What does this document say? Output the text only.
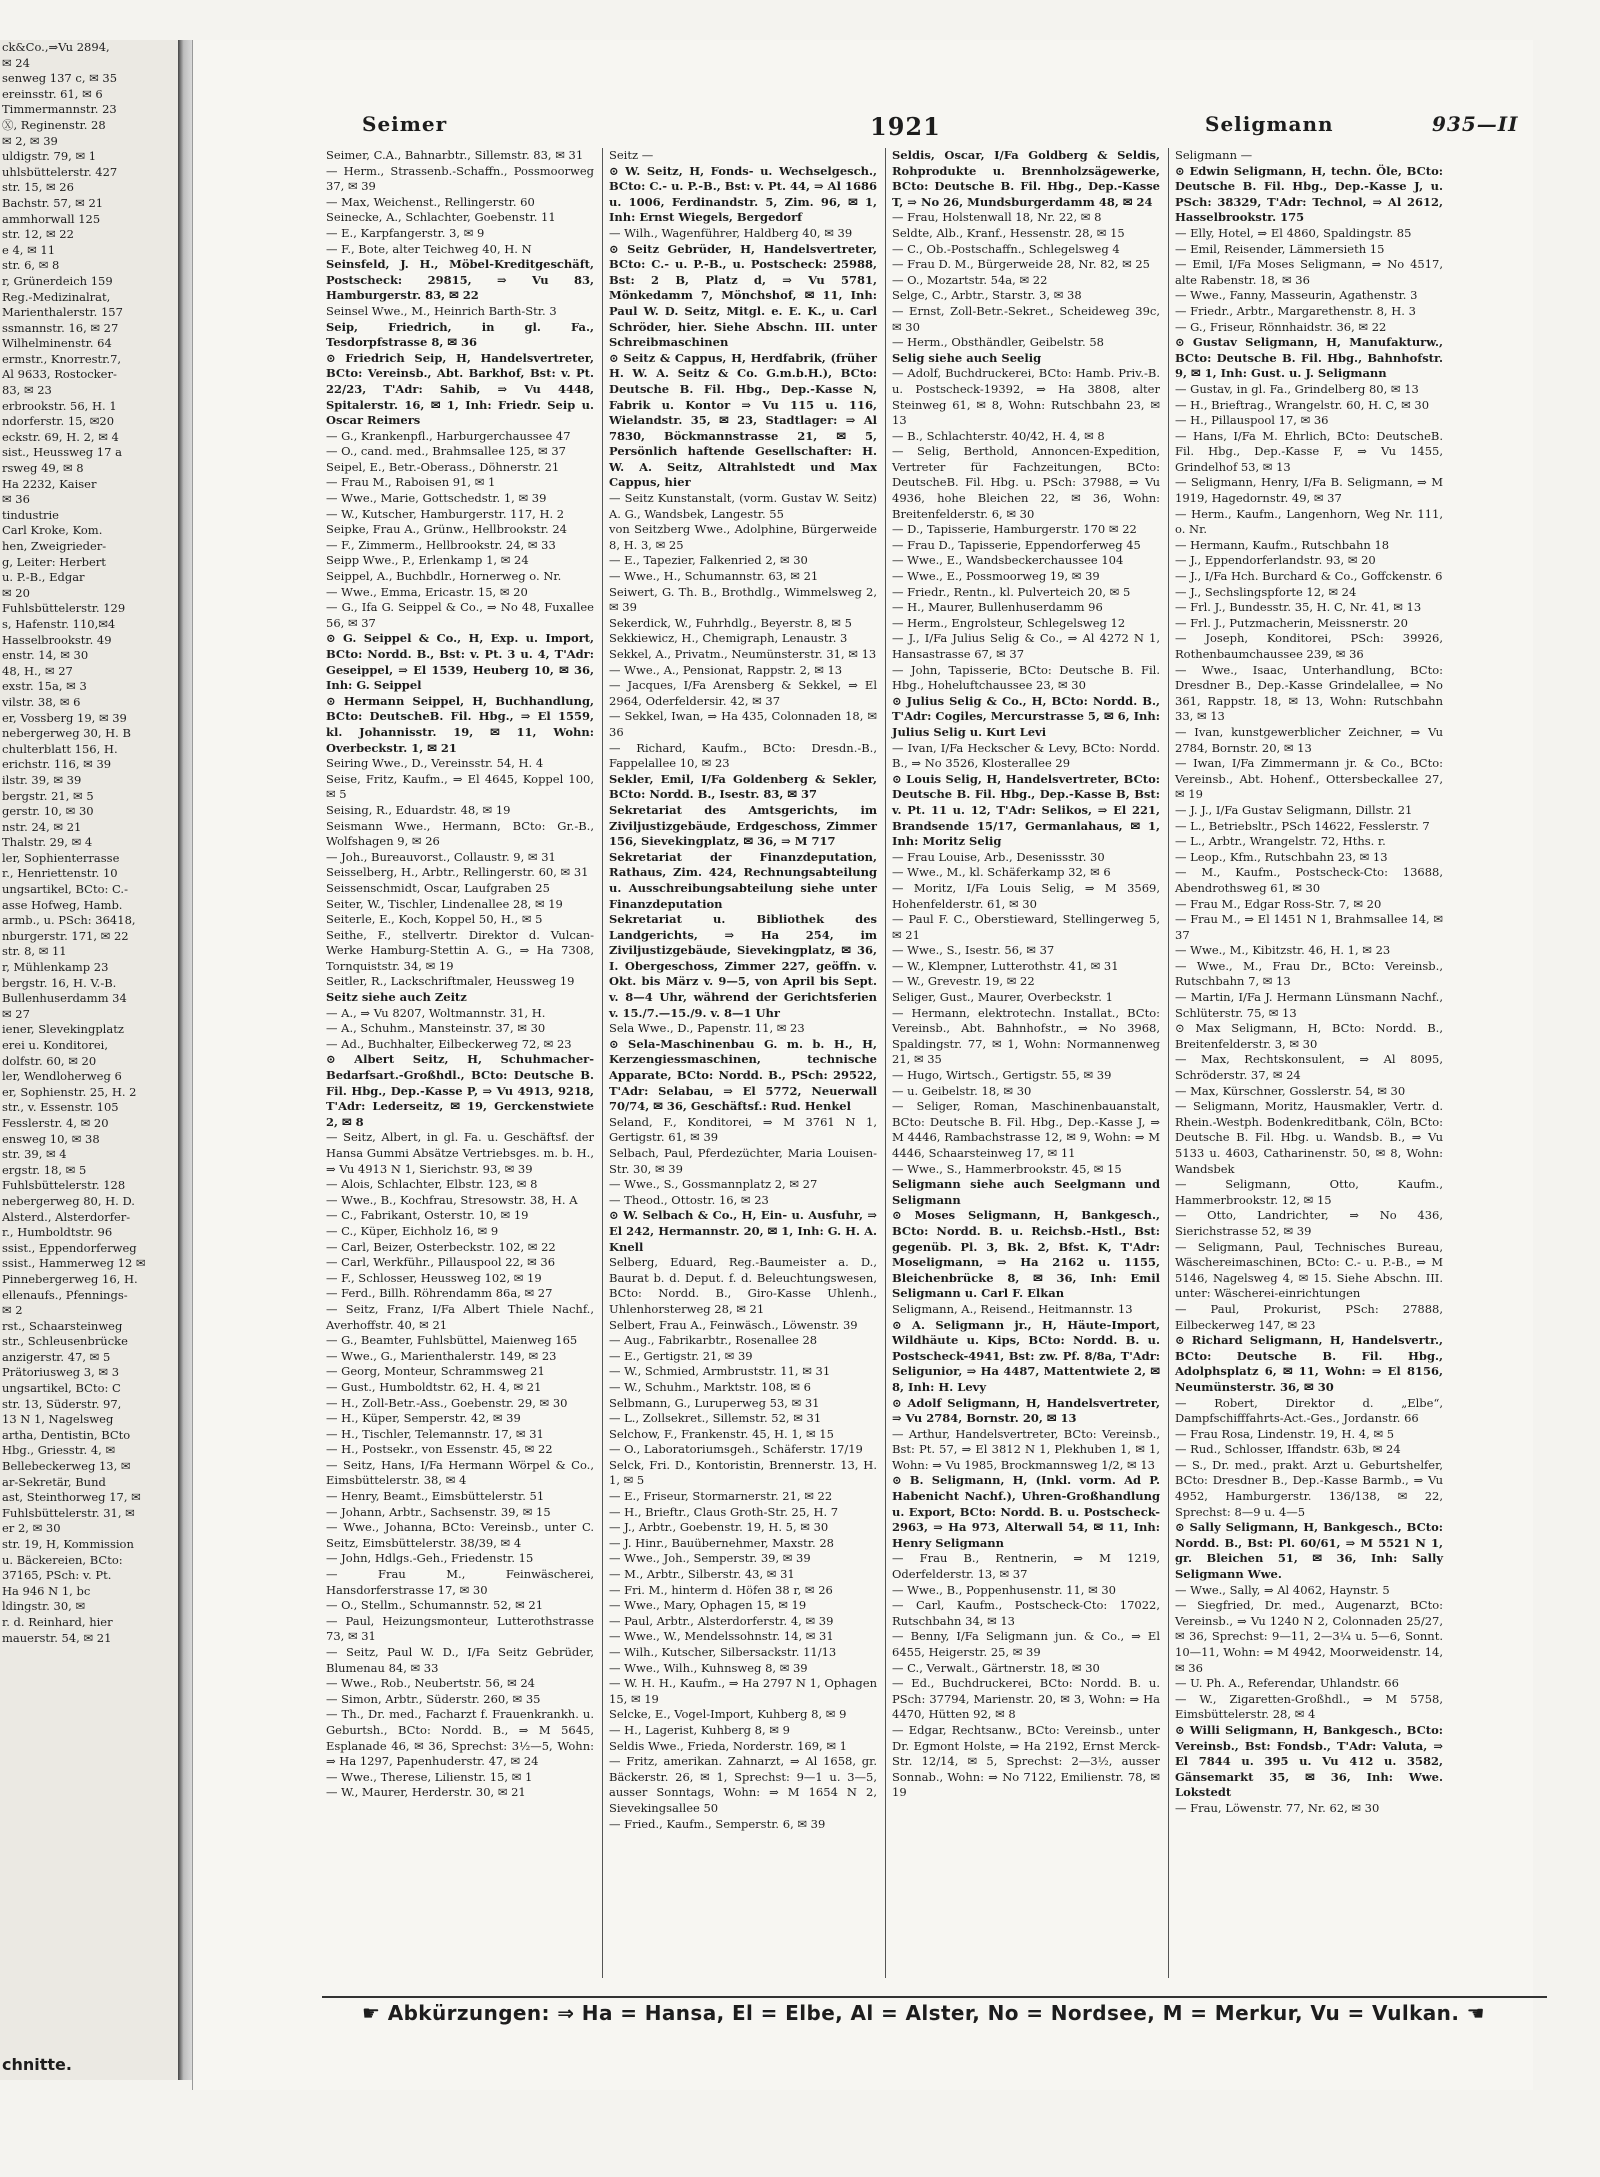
ck&Co.,⇒Vu 2894,
✉ 24
senweg 137 c, ✉ 35
ereinsstr. 61, ✉ 6
Timmermannstr. 23
Ⓧ, Reginenstr. 28
✉ 2, ✉ 39
uldigstr. 79, ✉ 1
uhlsbüttelerstr. 427
str. 15, ✉ 26
Bachstr. 57, ✉ 21
ammhorwall 125
str. 12, ✉ 22
e 4, ✉ 11
str. 6, ✉ 8
r, Grünerdeich 159
Reg.-Medizinalrat,
Marienthalerstr. 157
ssmannstr. 16, ✉ 27
Wilhelminenstr. 64
ermstr., Knorrestr.7,
Al 9633, Rostocker-
83, ✉ 23
erbrookstr. 56, H. 1
ndorferstr. 15, ✉20
eckstr. 69, H. 2, ✉ 4
sist., Heussweg 17 a
rsweg 49, ✉ 8
Ha 2232, Kaiser
✉ 36
tindustrie
Carl Kroke, Kom.
hen, Zweigrieder-
g, Leiter: Herbert
u. P.-B., Edgar
✉ 20
Fuhlsbüttelerstr. 129
s, Hafenstr. 110,✉4
Hasselbrookstr. 49
enstr. 14, ✉ 30
48, H., ✉ 27
exstr. 15a, ✉ 3
vilstr. 38, ✉ 6
er, Vossberg 19, ✉ 39
nebergerweg 30, H. B
chulterblatt 156, H.
erichstr. 116, ✉ 39
ilstr. 39, ✉ 39
bergstr. 21, ✉ 5
gerstr. 10, ✉ 30
nstr. 24, ✉ 21
Thalstr. 29, ✉ 4
ler, Sophienterrasse
r., Henriettenstr. 10
ungsartikel, BCto: C.-
asse Hofweg, Hamb.
armb., u. PSch: 36418,
nburgerstr. 171, ✉ 22
str. 8, ✉ 11
r, Mühlenkamp 23
bergstr. 16, H. V.-B.
Bullenhuserdamm 34
✉ 27
iener, Slevekingplatz
erei u. Konditorei,
dolfstr. 60, ✉ 20
ler, Wendloherweg 6
er, Sophienstr. 25, H. 2
str., v. Essenstr. 105
Fesslerstr. 4, ✉ 20
ensweg 10, ✉ 38
str. 39, ✉ 4
ergstr. 18, ✉ 5
Fuhlsbüttelerstr. 128
nebergerweg 80, H. D.
Alsterd., Alsterdorfer-
r., Humboldtstr. 96
ssist., Eppendorferweg
ssist., Hammerweg 12 ✉
Pinnebergerweg 16, H.
ellenaufs., Pfennings-
✉ 2
rst., Schaarsteinweg
str., Schleusenbrücke
anzigerstr. 47, ✉ 5
Prätoriusweg 3, ✉ 3
ungsartikel, BCto: C
str. 13, Süderstr. 97,
13 N 1, Nagelsweg
artha, Dentistin, BCto
Hbg., Griesstr. 4, ✉
Bellebeckerweg 13, ✉
ar-Sekretär, Bund
ast, Steinthorweg 17, ✉
Fuhlsbüttelerstr. 31, ✉
er 2, ✉ 30
str. 19, H, Kommission
u. Bäckereien, BCto:
37165, PSch: v. Pt.
Ha 946 N 1, bc
ldingstr. 30, ✉
r. d. Reinhard, hier
mauerstr. 54, ✉ 21
chnitte.
Seimer	1921	Seligmann	935—II

Seimer, C.A., Bahnarbtr., Sillemstr. 83, ✉ 31

— Herm., Strassenb.-Schaffn., Possmoorweg 37, ✉ 39

— Max, Weichenst., Rellingerstr. 60

Seinecke, A., Schlachter, Goebenstr. 11

— E., Karpfangerstr. 3, ✉ 9

— F., Bote, alter Teichweg 40, H. N

Seinsfeld, J. H., Möbel-Kreditgeschäft, Postscheck: 29815, ⇒ Vu 83, Hamburgerstr. 83, ✉ 22

Seinsel Wwe., M., Heinrich Barth-Str. 3

Seip, Friedrich, in gl. Fa., Tesdorpfstrasse 8, ✉ 36

⊙ Friedrich Seip, H, Handelsvertreter, BCto: Vereinsb., Abt. Barkhof, Bst: v. Pt. 22/23, T'Adr: Sahib, ⇒ Vu 4448, Spitalerstr. 16, ✉ 1, Inh: Friedr. Seip u. Oscar Reimers

— G., Krankenpfl., Harburgerchaussee 47

— O., cand. med., Brahmsallee 125, ✉ 37

Seipel, E., Betr.-Oberass., Döhnerstr. 21

— Frau M., Raboisen 91, ✉ 1

— Wwe., Marie, Gottschedstr. 1, ✉ 39

— W., Kutscher, Hamburgerstr. 117, H. 2

Seipke, Frau A., Grünw., Hellbrookstr. 24

— F., Zimmerm., Hellbrookstr. 24, ✉ 33

Seipp Wwe., P., Erlenkamp 1, ✉ 24

Seippel, A., Buchbdlr., Hornerweg o. Nr.

— Wwe., Emma, Ericastr. 15, ✉ 20

— G., Ifa G. Seippel & Co., ⇒ No 48, Fuxallee 56, ✉ 37

⊙ G. Seippel & Co., H, Exp. u. Import, BCto: Nordd. B., Bst: v. Pt. 3 u. 4, T'Adr: Geseippel, ⇒ El 1539, Heuberg 10, ✉ 36, Inh: G. Seippel

⊙ Hermann Seippel, H, Buchhandlung, BCto: DeutscheB. Fil. Hbg., ⇒ El 1559, kl. Johannisstr. 19, ✉ 11, Wohn: Overbeckstr. 1, ✉ 21

Seiring Wwe., D., Vereinsstr. 54, H. 4

Seise, Fritz, Kaufm., ⇒ El 4645, Koppel 100, ✉ 5

Seising, R., Eduardstr. 48, ✉ 19

Seismann Wwe., Hermann, BCto: Gr.-B., Wolfshagen 9, ✉ 26

— Joh., Bureauvorst., Collaustr. 9, ✉ 31

Seisselberg, H., Arbtr., Rellingerstr. 60, ✉ 31

Seissenschmidt, Oscar, Laufgraben 25

Seiter, W., Tischler, Lindenallee 28, ✉ 19

Seiterle, E., Koch, Koppel 50, H., ✉ 5

Seithe, F., stellvertr. Direktor d. Vulcan-Werke Hamburg-Stettin A. G., ⇒ Ha 7308, Tornquiststr. 34, ✉ 19

Seitler, R., Lackschriftmaler, Heussweg 19

Seitz siehe auch Zeitz

— A., ⇒ Vu 8207, Woltmannstr. 31, H.

— A., Schuhm., Mansteinstr. 37, ✉ 30

— Ad., Buchhalter, Eilbeckerweg 72, ✉ 23

⊙ Albert Seitz, H, Schuhmacher-Bedarfsart.-Großhdl., BCto: Deutsche B. Fil. Hbg., Dep.-Kasse P, ⇒ Vu 4913, 9218, T'Adr: Lederseitz, ✉ 19, Gerckenstwiete 2, ✉ 8

— Seitz, Albert, in gl. Fa. u. Geschäftsf. der Hansa Gummi Absätze Vertriebsges. m. b. H., ⇒ Vu 4913 N 1, Sierichstr. 93, ✉ 39

— Alois, Schlachter, Elbstr. 123, ✉ 8

— Wwe., B., Kochfrau, Stresowstr. 38, H. A

— C., Fabrikant, Osterstr. 10, ✉ 19

— C., Küper, Eichholz 16, ✉ 9

— Carl, Beizer, Osterbeckstr. 102, ✉ 22

— Carl, Werkführ., Pillauspool 22, ✉ 36

— F., Schlosser, Heussweg 102, ✉ 19

— Ferd., Billh. Röhrendamm 86a, ✉ 27

— Seitz, Franz, I/Fa Albert Thiele Nachf., Averhoffstr. 40, ✉ 21

— G., Beamter, Fuhlsbüttel, Maienweg 165

— Wwe., G., Marienthalerstr. 149, ✉ 23

— Georg, Monteur, Schrammsweg 21

— Gust., Humboldtstr. 62, H. 4, ✉ 21

— H., Zoll-Betr.-Ass., Goebenstr. 29, ✉ 30

— H., Küper, Semperstr. 42, ✉ 39

— H., Tischler, Telemannstr. 17, ✉ 31

— H., Postsekr., von Essenstr. 45, ✉ 22

— Seitz, Hans, I/Fa Hermann Wörpel & Co., Eimsbüttelerstr. 38, ✉ 4

— Henry, Beamt., Eimsbüttelerstr. 51

— Johann, Arbtr., Sachsenstr. 39, ✉ 15

— Wwe., Johanna, BCto: Vereinsb., unter C. Seitz, Eimsbüttelerstr. 38/39, ✉ 4

— John, Hdlgs.-Geh., Friedenstr. 15

— Frau M., Feinwäscherei, Hansdorferstrasse 17, ✉ 30

— O., Stellm., Schumannstr. 52, ✉ 21

— Paul, Heizungsmonteur, Lutterothstrasse 73, ✉ 31

— Seitz, Paul W. D., I/Fa Seitz Gebrüder, Blumenau 84, ✉ 33

— Wwe., Rob., Neubertstr. 56, ✉ 24

— Simon, Arbtr., Süderstr. 260, ✉ 35

— Th., Dr. med., Facharzt f. Frauenkrankh. u. Geburtsh., BCto: Nordd. B., ⇒ M 5645, Esplanade 46, ✉ 36, Sprechst: 3½—5, Wohn: ⇒ Ha 1297, Papenhuderstr. 47, ✉ 24

— Wwe., Therese, Lilienstr. 15, ✉ 1

— W., Maurer, Herderstr. 30, ✉ 21

Seitz —

⊙ W. Seitz, H, Fonds- u. Wechselgesch., BCto: C.- u. P.-B., Bst: v. Pt. 44, ⇒ Al 1686 u. 1006, Ferdinandstr. 5, Zim. 96, ✉ 1, Inh: Ernst Wiegels, Bergedorf

— Wilh., Wagenführer, Haldberg 40, ✉ 39

⊙ Seitz Gebrüder, H, Handelsvertreter, BCto: C.- u. P.-B., u. Postscheck: 25988, Bst: 2 B, Platz d, ⇒ Vu 5781, Mönkedamm 7, Mönchshof, ✉ 11, Inh: Paul W. D. Seitz, Mitgl. e. E. K., u. Carl Schröder, hier. Siehe Abschn. III. unter Schreibmaschinen

⊙ Seitz & Cappus, H, Herdfabrik, (früher H. W. A. Seitz & Co. G.m.b.H.), BCto: Deutsche B. Fil. Hbg., Dep.-Kasse N, Fabrik u. Kontor ⇒ Vu 115 u. 116, Wielandstr. 35, ✉ 23, Stadtlager: ⇒ Al 7830, Böckmannstrasse 21, ✉ 5, Persönlich haftende Gesellschafter: H. W. A. Seitz, Altrahlstedt und Max Cappus, hier

— Seitz Kunstanstalt, (vorm. Gustav W. Seitz) A. G., Wandsbek, Langestr. 55

von Seitzberg Wwe., Adolphine, Bürgerweide 8, H. 3, ✉ 25

— E., Tapezier, Falkenried 2, ✉ 30

— Wwe., H., Schumannstr. 63, ✉ 21

Seiwert, G. Th. B., Brothdlg., Wimmelsweg 2, ✉ 39

Sekerdick, W., Fuhrhdlg., Beyerstr. 8, ✉ 5

Sekkiewicz, H., Chemigraph, Lenaustr. 3

Sekkel, A., Privatm., Neumünsterstr. 31, ✉ 13

— Wwe., A., Pensionat, Rappstr. 2, ✉ 13

— Jacques, I/Fa Arensberg & Sekkel, ⇒ El 2964, Oderfeldersir. 42, ✉ 37

— Sekkel, Iwan, ⇒ Ha 435, Colonnaden 18, ✉ 36

— Richard, Kaufm., BCto: Dresdn.-B., Fappelallee 10, ✉ 23

Sekler, Emil, I/Fa Goldenberg & Sekler, BCto: Nordd. B., Isestr. 83, ✉ 37

Sekretariat des Amtsgerichts, im Ziviljustizgebäude, Erdgeschoss, Zimmer 156, Sievekingplatz, ✉ 36, ⇒ M 717

Sekretariat der Finanzdeputation, Rathaus, Zim. 424, Rechnungsabteilung u. Ausschreibungsabteilung siehe unter Finanzdeputation

Sekretariat u. Bibliothek des Landgerichts, ⇒ Ha 254, im Ziviljustizgebäude, Sievekingplatz, ✉ 36, I. Obergeschoss, Zimmer 227, geöffn. v. Okt. bis März v. 9—5, von April bis Sept. v. 8—4 Uhr, während der Gerichtsferien v. 15./7.—15./9. v. 8—1 Uhr

Sela Wwe., D., Papenstr. 11, ✉ 23

⊙ Sela-Maschinenbau G. m. b. H., H, Kerzengiessmaschinen, technische Apparate, BCto: Nordd. B., PSch: 29522, T'Adr: Selabau, ⇒ El 5772, Neuerwall 70/74, ✉ 36, Geschäftsf.: Rud. Henkel

Seland, F., Konditorei, ⇒ M 3761 N 1, Gertigstr. 61, ✉ 39

Selbach, Paul, Pferdezüchter, Maria Louisen-Str. 30, ✉ 39

— Wwe., S., Gossmannplatz 2, ✉ 27

— Theod., Ottostr. 16, ✉ 23

⊙ W. Selbach & Co., H, Ein- u. Ausfuhr, ⇒ El 242, Hermannstr. 20, ✉ 1, Inh: G. H. A. Knell

Selberg, Eduard, Reg.-Baumeister a. D., Baurat b. d. Deput. f. d. Beleuchtungswesen, BCto: Nordd. B., Giro-Kasse Uhlenh., Uhlenhorsterweg 28, ✉ 21

Selbert, Frau A., Feinwäsch., Löwenstr. 39

— Aug., Fabrikarbtr., Rosenallee 28

— E., Gertigstr. 21, ✉ 39

— W., Schmied, Armbruststr. 11, ✉ 31

— W., Schuhm., Marktstr. 108, ✉ 6

Selbmann, G., Luruperweg 53, ✉ 31

— L., Zollsekret., Sillemstr. 52, ✉ 31

Selchow, F., Frankenstr. 45, H. 1, ✉ 15

— O., Laboratoriumsgeh., Schäferstr. 17/19

Selck, Fri. D., Kontoristin, Brennerstr. 13, H. 1, ✉ 5

— E., Friseur, Stormarnerstr. 21, ✉ 22

— H., Brieftr., Claus Groth-Str. 25, H. 7

— J., Arbtr., Goebenstr. 19, H. 5, ✉ 30

— J. Hinr., Bauübernehmer, Maxstr. 28

— Wwe., Joh., Semperstr. 39, ✉ 39

— M., Arbtr., Silberstr. 43, ✉ 31

— Fri. M., hinterm d. Höfen 38 r, ✉ 26

— Wwe., Mary, Ophagen 15, ✉ 19

— Paul, Arbtr., Alsterdorferstr. 4, ✉ 39

— Wwe., W., Mendelssohnstr. 14, ✉ 31

— Wilh., Kutscher, Silbersackstr. 11/13

— Wwe., Wilh., Kuhnsweg 8, ✉ 39

— W. H. H., Kaufm., ⇒ Ha 2797 N 1, Ophagen 15, ✉ 19

Selcke, E., Vogel-Import, Kuhberg 8, ✉ 9

— H., Lagerist, Kuhberg 8, ✉ 9

Seldis Wwe., Frieda, Norderstr. 169, ✉ 1

— Fritz, amerikan. Zahnarzt, ⇒ Al 1658, gr. Bäckerstr. 26, ✉ 1, Sprechst: 9—1 u. 3—5, ausser Sonntags, Wohn: ⇒ M 1654 N 2, Sievekingsallee 50

— Fried., Kaufm., Semperstr. 6, ✉ 39

Seldis, Oscar, I/Fa Goldberg & Seldis, Rohprodukte u. Brennholzsägewerke, BCto: Deutsche B. Fil. Hbg., Dep.-Kasse T, ⇒ No 26, Mundsburgerdamm 48, ✉ 24

— Frau, Holstenwall 18, Nr. 22, ✉ 8

Seldte, Alb., Kranf., Hessenstr. 28, ✉ 15

— C., Ob.-Postschaffn., Schlegelsweg 4

— Frau D. M., Bürgerweide 28, Nr. 82, ✉ 25

— O., Mozartstr. 54a, ✉ 22

Selge, C., Arbtr., Starstr. 3, ✉ 38

— Ernst, Zoll-Betr.-Sekret., Scheideweg 39c, ✉ 30

— Herm., Obsthändler, Geibelstr. 58

Selig siehe auch Seelig

— Adolf, Buchdruckerei, BCto: Hamb. Priv.-B. u. Postscheck-19392, ⇒ Ha 3808, alter Steinweg 61, ✉ 8, Wohn: Rutschbahn 23, ✉ 13

— B., Schlachterstr. 40/42, H. 4, ✉ 8

— Selig, Berthold, Annoncen-Expedition, Vertreter für Fachzeitungen, BCto: DeutscheB. Fil. Hbg. u. PSch: 37988, ⇒ Vu 4936, hohe Bleichen 22, ✉ 36, Wohn: Breitenfelderstr. 6, ✉ 30

— D., Tapisserie, Hamburgerstr. 170 ✉ 22

— Frau D., Tapisserie, Eppendorferweg 45

— Wwe., E., Wandsbeckerchaussee 104

— Wwe., E., Possmoorweg 19, ✉ 39

— Friedr., Rentn., kl. Pulverteich 20, ✉ 5

— H., Maurer, Bullenhuserdamm 96

— Herm., Engrolsteur, Schlegelsweg 12

— J., I/Fa Julius Selig & Co., ⇒ Al 4272 N 1, Hansastrasse 67, ✉ 37

— John, Tapisserie, BCto: Deutsche B. Fil. Hbg., Hoheluftchaussee 23, ✉ 30

⊙ Julius Selig & Co., H, BCto: Nordd. B., T'Adr: Cogiles, Mercurstrasse 5, ✉ 6, Inh: Julius Selig u. Kurt Levi

— Ivan, I/Fa Heckscher & Levy, BCto: Nordd. B., ⇒ No 3526, Klosterallee 29

⊙ Louis Selig, H, Handelsvertreter, BCto: Deutsche B. Fil. Hbg., Dep.-Kasse B, Bst: v. Pt. 11 u. 12, T'Adr: Selikos, ⇒ El 221, Brandsende 15/17, Germanlahaus, ✉ 1, Inh: Moritz Selig

— Frau Louise, Arb., Desenissstr. 30

— Wwe., M., kl. Schäferkamp 32, ✉ 6

— Moritz, I/Fa Louis Selig, ⇒ M 3569, Hohenfelderstr. 61, ✉ 30

— Paul F. C., Oberstieward, Stellingerweg 5, ✉ 21

— Wwe., S., Isestr. 56, ✉ 37

— W., Klempner, Lutterothstr. 41, ✉ 31

— W., Grevestr. 19, ✉ 22

Seliger, Gust., Maurer, Overbeckstr. 1

— Hermann, elektrotechn. Installat., BCto: Vereinsb., Abt. Bahnhofstr., ⇒ No 3968, Spaldingstr. 77, ✉ 1, Wohn: Normannenweg 21, ✉ 35

— Hugo, Wirtsch., Gertigstr. 55, ✉ 39

— u. Geibelstr. 18, ✉ 30

— Seliger, Roman, Maschinenbauanstalt, BCto: Deutsche B. Fil. Hbg., Dep.-Kasse J, ⇒ M 4446, Rambachstrasse 12, ✉ 9, Wohn: ⇒ M 4446, Schaarsteinweg 17, ✉ 11

— Wwe., S., Hammerbrookstr. 45, ✉ 15

Seligmann siehe auch Seelgmann und Seligmann

⊙ Moses Seligmann, H, Bankgesch., BCto: Nordd. B. u. Reichsb.-Hstl., Bst: gegenüb. Pl. 3, Bk. 2, Bfst. K, T'Adr: Moseligmann, ⇒ Ha 2162 u. 1155, Bleichenbrücke 8, ✉ 36, Inh: Emil Seligmann u. Carl F. Elkan

Seligmann, A., Reisend., Heitmannstr. 13

⊙ A. Seligmann jr., H, Häute-Import, Wildhäute u. Kips, BCto: Nordd. B. u. Postscheck-4941, Bst: zw. Pf. 8/8a, T'Adr: Seligunior, ⇒ Ha 4487, Mattentwiete 2, ✉ 8, Inh: H. Levy

⊙ Adolf Seligmann, H, Handelsvertreter, ⇒ Vu 2784, Bornstr. 20, ✉ 13

— Arthur, Handelsvertreter, BCto: Vereinsb., Bst: Pt. 57, ⇒ El 3812 N 1, Plekhuben 1, ✉ 1, Wohn: ⇒ Vu 1985, Brockmannsweg 1/2, ✉ 13

⊙ B. Seligmann, H, (Inkl. vorm. Ad P. Habenicht Nachf.), Uhren-Großhandlung u. Export, BCto: Nordd. B. u. Postscheck-2963, ⇒ Ha 973, Alterwall 54, ✉ 11, Inh: Henry Seligmann

— Frau B., Rentnerin, ⇒ M 1219, Oderfelderstr. 13, ✉ 37

— Wwe., B., Poppenhusenstr. 11, ✉ 30

— Carl, Kaufm., Postscheck-Cto: 17022, Rutschbahn 34, ✉ 13

— Benny, I/Fa Seligmann jun. & Co., ⇒ El 6455, Heigerstr. 25, ✉ 39

— C., Verwalt., Gärtnerstr. 18, ✉ 30

— Ed., Buchdruckerei, BCto: Nordd. B. u. PSch: 37794, Marienstr. 20, ✉ 3, Wohn: ⇒ Ha 4470, Hütten 92, ✉ 8

— Edgar, Rechtsanw., BCto: Vereinsb., unter Dr. Egmont Holste, ⇒ Ha 2192, Ernst Merck-Str. 12/14, ✉ 5, Sprechst: 2—3½, ausser Sonnab., Wohn: ⇒ No 7122, Emilienstr. 78, ✉ 19

Seligmann —

⊙ Edwin Seligmann, H, techn. Öle, BCto: Deutsche B. Fil. Hbg., Dep.-Kasse J, u. PSch: 38329, T'Adr: Technol, ⇒ Al 2612, Hasselbrookstr. 175

— Elly, Hotel, ⇒ El 4860, Spaldingstr. 85

— Emil, Reisender, Lämmersieth 15

— Emil, I/Fa Moses Seligmann, ⇒ No 4517, alte Rabenstr. 18, ✉ 36

— Wwe., Fanny, Masseurin, Agathenstr. 3

— Friedr., Arbtr., Margarethenstr. 8, H. 3

— G., Friseur, Rönnhaidstr. 36, ✉ 22

⊙ Gustav Seligmann, H, Manufakturw., BCto: Deutsche B. Fil. Hbg., Bahnhofstr. 9, ✉ 1, Inh: Gust. u. J. Seligmann

— Gustav, in gl. Fa., Grindelberg 80, ✉ 13

— H., Brieftrag., Wrangelstr. 60, H. C, ✉ 30

— H., Pillauspool 17, ✉ 36

— Hans, I/Fa M. Ehrlich, BCto: DeutscheB. Fil. Hbg., Dep.-Kasse F, ⇒ Vu 1455, Grindelhof 53, ✉ 13

— Seligmann, Henry, I/Fa B. Seligmann, ⇒ M 1919, Hagedornstr. 49, ✉ 37

— Herm., Kaufm., Langenhorn, Weg Nr. 111, o. Nr.

— Hermann, Kaufm., Rutschbahn 18

— J., Eppendorferlandstr. 93, ✉ 20

— J., I/Fa Hch. Burchard & Co., Goffckenstr. 6

— J., Sechslingspforte 12, ✉ 24

— Frl. J., Bundesstr. 35, H. C, Nr. 41, ✉ 13

— Frl. J., Putzmacherin, Meissnerstr. 20

— Joseph, Konditorei, PSch: 39926, Rothenbaumchaussee 239, ✉ 36

— Wwe., Isaac, Unterhandlung, BCto: Dresdner B., Dep.-Kasse Grindelallee, ⇒ No 361, Rappstr. 18, ✉ 13, Wohn: Rutschbahn 33, ✉ 13

— Ivan, kunstgewerblicher Zeichner, ⇒ Vu 2784, Bornstr. 20, ✉ 13

— Iwan, I/Fa Zimmermann jr. & Co., BCto: Vereinsb., Abt. Hohenf., Ottersbeckallee 27, ✉ 19

— J. J., I/Fa Gustav Seligmann, Dillstr. 21

— L., Betriebsltr., PSch 14622, Fesslerstr. 7

— L., Arbtr., Wrangelstr. 72, Hths. r.

— Leop., Kfm., Rutschbahn 23, ✉ 13

— M., Kaufm., Postscheck-Cto: 13688, Abendrothsweg 61, ✉ 30

— Frau M., Edgar Ross-Str. 7, ✉ 20

— Frau M., ⇒ El 1451 N 1, Brahmsallee 14, ✉ 37

— Wwe., M., Kibitzstr. 46, H. 1, ✉ 23

— Wwe., M., Frau Dr., BCto: Vereinsb., Rutschbahn 7, ✉ 13

— Martin, I/Fa J. Hermann Lünsmann Nachf., Schlüterstr. 75, ✉ 13

⊙ Max Seligmann, H, BCto: Nordd. B., Breitenfelderstr. 3, ✉ 30

— Max, Rechtskonsulent, ⇒ Al 8095, Schröderstr. 37, ✉ 24

— Max, Kürschner, Gosslerstr. 54, ✉ 30

— Seligmann, Moritz, Hausmakler, Vertr. d. Rhein.-Westph. Bodenkreditbank, Cöln, BCto: Deutsche B. Fil. Hbg. u. Wandsb. B., ⇒ Vu 5133 u. 4603, Catharinenstr. 50, ✉ 8, Wohn: Wandsbek

— Seligmann, Otto, Kaufm., Hammerbrookstr. 12, ✉ 15

— Otto, Landrichter, ⇒ No 436, Sierichstrasse 52, ✉ 39

— Seligmann, Paul, Technisches Bureau, Wäschereimaschinen, BCto: C.- u. P.-B., ⇒ M 5146, Nagelsweg 4, ✉ 15. Siehe Abschn. III. unter: Wäscherei-einrichtungen

— Paul, Prokurist, PSch: 27888, Eilbeckerweg 147, ✉ 23

⊙ Richard Seligmann, H, Handelsvertr., BCto: Deutsche B. Fil. Hbg., Adolphsplatz 6, ✉ 11, Wohn: ⇒ El 8156, Neumünsterstr. 36, ✉ 30

— Robert, Direktor d. „Elbe“, Dampfschifffahrts-Act.-Ges., Jordanstr. 66

— Frau Rosa, Lindenstr. 19, H. 4, ✉ 5

— Rud., Schlosser, Iffandstr. 63b, ✉ 24

— S., Dr. med., prakt. Arzt u. Geburtshelfer, BCto: Dresdner B., Dep.-Kasse Barmb., ⇒ Vu 4952, Hamburgerstr. 136/138, ✉ 22, Sprechst: 8—9 u. 4—5

⊙ Sally Seligmann, H, Bankgesch., BCto: Nordd. B., Bst: Pl. 60/61, ⇒ M 5521 N 1, gr. Bleichen 51, ✉ 36, Inh: Sally Seligmann Wwe.

— Wwe., Sally, ⇒ Al 4062, Haynstr. 5

— Siegfried, Dr. med., Augenarzt, BCto: Vereinsb., ⇒ Vu 1240 N 2, Colonnaden 25/27, ✉ 36, Sprechst: 9—11, 2—3¼ u. 5—6, Sonnt. 10—11, Wohn: ⇒ M 4942, Moorweidenstr. 14, ✉ 36

— U. Ph. A., Referendar, Uhlandstr. 66

— W., Zigaretten-Großhdl., ⇒ M 5758, Eimsbüttelerstr. 28, ✉ 4

⊙ Willi Seligmann, H, Bankgesch., BCto: Vereinsb., Bst: Fondsb., T'Adr: Valuta, ⇒ El 7844 u. 395 u. Vu 412 u. 3582, Gänsemarkt 35, ✉ 36, Inh: Wwe. Lokstedt

— Frau, Löwenstr. 77, Nr. 62, ✉ 30

☛ Abkürzungen: ⇒ Ha = Hansa, El = Elbe, Al = Alster, No = Nordsee, M = Merkur, Vu = Vulkan. ☚
